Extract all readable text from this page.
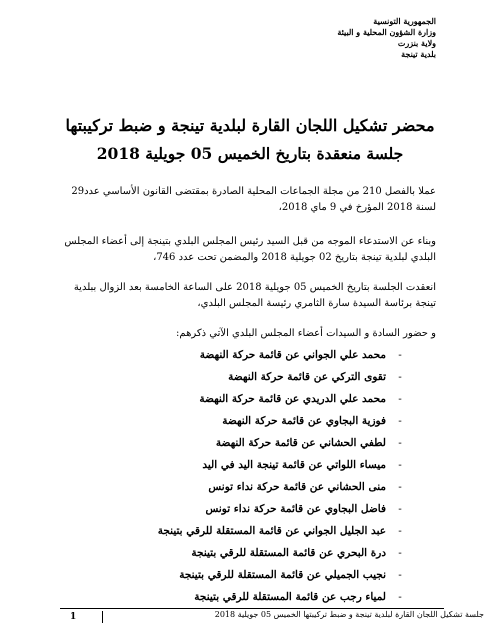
الجمهورية التونسية
وزارة الشؤون المحلية و البيئة
ولاية بنزرت
بلدية تينجة
محضر تشكيل اللجان القارة لبلدية تينجة و ضبط تركيبتها
جلسة منعقدة بتاريخ الخميس 05 جويلية 2018
عملا بالفصل 210 من مجلة الجماعات المحلية الصادرة بمقتضى القانون الأساسي عدد29 لسنة 2018 المؤرخ في 9 ماي 2018،
وبناء عن الاستدعاء الموجه من قبل السيد رئيس المجلس البلدي بتينجة إلى أعضاء المجلس البلدي لبلدية تينجة بتاريخ 02 جويلية 2018 والمضمن تحت عدد 746،
انعقدت الجلسة بتاريخ الخميس 05 جويلية 2018 على الساعة الخامسة بعد الزوال ببلدية تينجة برئاسة السيدة سارة الثامري رئيسة المجلس البلدي،
و حضور السادة و السيدات أعضاء المجلس البلدي الآتي ذكرهم:
-
محمد علي الجواني عن قائمة حركة النهضة
-
تقوى التركي عن قائمة حركة النهضة
-
محمد علي الدريدي عن قائمة حركة النهضة
-
فوزية البجاوي عن قائمة حركة النهضة
-
لطفي الحشاني عن قائمة حركة النهضة
-
ميساء اللواتي عن قائمة تينجة اليد في اليد
-
منى الحشاني عن قائمة حركة نداء تونس
-
فاضل البجاوي عن قائمة حركة نداء تونس
-
عبد الجليل الجواني عن قائمة المستقلة للرقي بتينجة
-
درة البحري عن قائمة المستقلة للرقي بتينجة
-
نجيب الجميلي عن قائمة المستقلة للرقي بتينجة
-
لمياء رجب عن قائمة المستقلة للرقي بتينجة
1	جلسة تشكيل اللجان القارة لبلدية تينجة و ضبط تركيبتها الخميس 05 جويلية 2018
